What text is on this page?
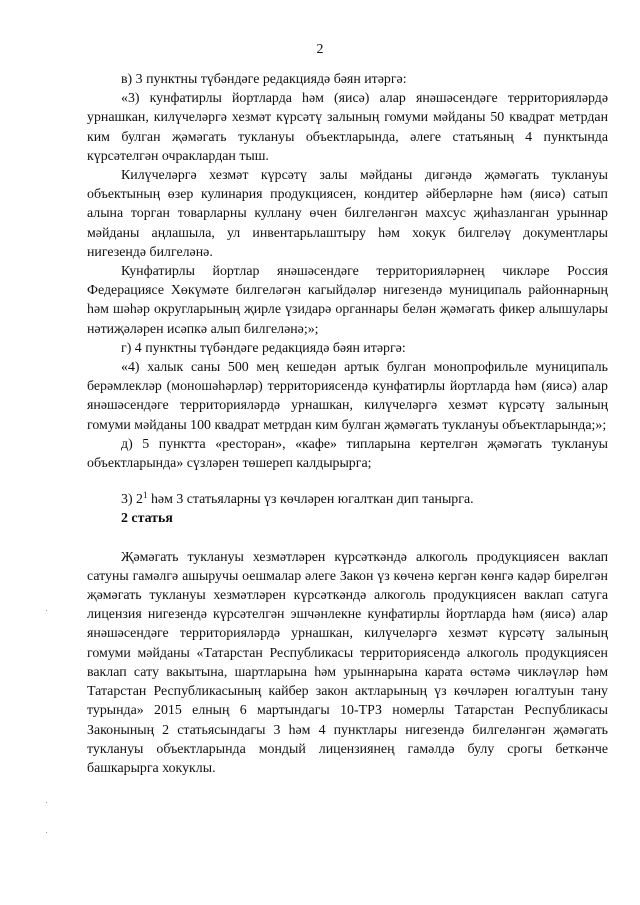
2

в) 3 пунктны түбәндәге редакциядә бәян итәргә:

«3) кунфатирлы йортларда һәм (яисә) алар янәшәсендәге территорияләрдә урнашкан, килүчеләргә хезмәт күрсәтү залының гомуми мәйданы 50 квадрат метрдан ким булган җәмәгать туклануы объектларында, әлеге статьяның 4 пунктында күрсәтелгән очраклардан тыш.

Килүчеләргә хезмәт күрсәтү залы мәйданы дигәндә җәмәгать туклануы объектының өзер кулинария продукциясен, кондитер әйберләрне һәм (яисә) сатып алына торган товарларны куллану өчен билгеләнгән махсус җиһазланган урыннар мәйданы аңлашыла, ул инвентарьлаштыру һәм хокук билгеләү документлары нигезендә билгеләнә.

Кунфатирлы йортлар янәшәсендәге территорияләрнең чикләре Россия Федерациясе Хөкүмәте билгеләгән кагыйдәләр нигезендә муниципаль районнарның һәм шәһәр округларының җирле үзидарә органнары белән җәмәгать фикер алышулары нәтиҗәләрен исәпкә алып билгеләнә;»;

г) 4 пунктны түбәндәге редакциядә бәян итәргә:

«4) халык саны 500 мең кешедән артык булган монопрофильле муниципаль берәмлекләр (моношәһәрләр) территориясендә кунфатирлы йортларда һәм (яисә) алар янәшәсендәге территорияләрдә урнашкан, килүчеләргә хезмәт күрсәтү залының гомуми мәйданы 100 квадрат метрдан ким булган җәмәгать туклануы объектларында;»;

д) 5 пунктта «ресторан», «кафе» типларына кертелгән җәмәгать туклануы объектларында» сүзләрен төшереп калдырырга;

3) $2^1$ һәм 3 статьяларны үз көчләрен югалткан дип танырга.

2 статья

Җәмәгать туклануы хезмәтләрен күрсәткәндә алкоголь продукциясен ваклап сатуны гамәлгә ашыручы оешмалар әлеге Закон үз көченә кергән көнгә кадәр бирелгән җәмәгать туклануы хезмәтләрен күрсәткәндә алкоголь продукциясен ваклап сатуга лицензия нигезендә күрсәтелгән эшчәнлекне кунфатирлы йортларда һәм (яисә) алар янәшәсендәге территорияләрдә урнашкан, килүчеләргә хезмәт күрсәтү залының гомуми мәйданы «Татарстан Республикасы территориясендә алкоголь продукциясен ваклап сату вакытына, шартларына һәм урыннарына карата өстәмә чикләүләр һәм Татарстан Республикасының кайбер закон актларының үз көчләрен югалтуын тану турында» 2015 елның 6 мартындагы 10-ТРЗ номерлы Татарстан Республикасы Законының 2 статьясындагы 3 һәм 4 пунктлары нигезендә билгеләнгән җәмәгать туклануы объектларында мондый лицензиянең гамәлдә булу срогы беткәнче башкарырга хокуклы.
